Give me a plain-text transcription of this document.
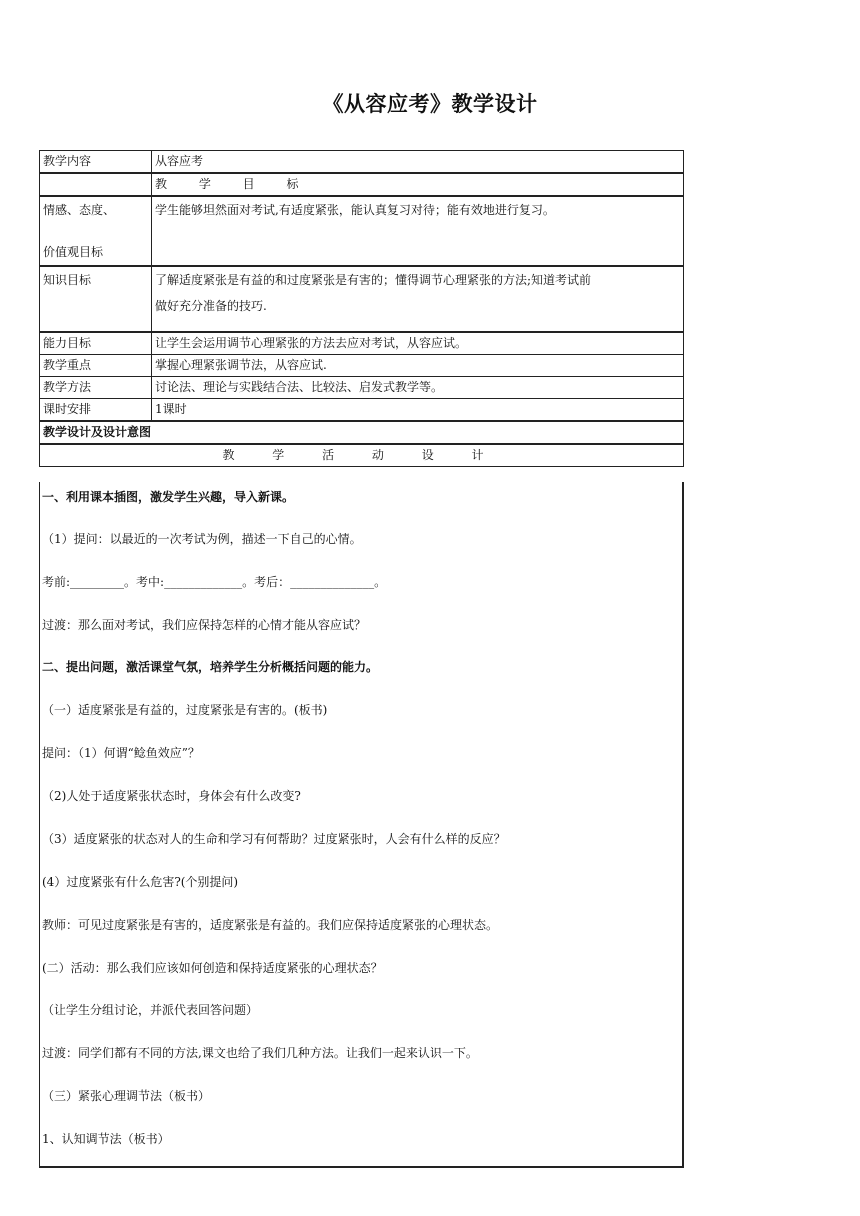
《从容应考》教学设计
教学内容	从容应考
	教 学 目 标

情感、态度、

价值观目标	学生能够坦然面对考试,有适度紧张，能认真复习对待；能有效地进行复习。

知识目标	了解适度紧张是有益的和过度紧张是有害的；懂得调节心理紧张的方法;知道考试前

做好充分准备的技巧.

能力目标	让学生会运用调节心理紧张的方法去应对考试，从容应试。
教学重点	掌握心理紧张调节法，从容应试.
教学方法	讨论法、理论与实践结合法、比较法、启发式教学等。
课时安排	1课时
教学设计及设计意图	
教 学 活 动 设 计	

一、利用课本插图，激发学生兴趣，导入新课。

（1）提问：以最近的一次考试为例，描述一下自己的心情。

考前:_________。考中:_____________。考后：______________。

过渡：那么面对考试，我们应保持怎样的心情才能从容应试？

二、提出问题，激活课堂气氛，培养学生分析概括问题的能力。

（一）适度紧张是有益的，过度紧张是有害的。(板书)

提问：（1）何谓“鲶鱼效应”？

（2)人处于适度紧张状态时，身体会有什么改变?

（3）适度紧张的状态对人的生命和学习有何帮助？过度紧张时，人会有什么样的反应？

(4）过度紧张有什么危害?(个别提问)

教师：可见过度紧张是有害的，适度紧张是有益的。我们应保持适度紧张的心理状态。

(二）活动：那么我们应该如何创造和保持适度紧张的心理状态？

（让学生分组讨论，并派代表回答问题）

过渡：同学们都有不同的方法,课文也给了我们几种方法。让我们一起来认识一下。

（三）紧张心理调节法（板书）

1、认知调节法（板书）
